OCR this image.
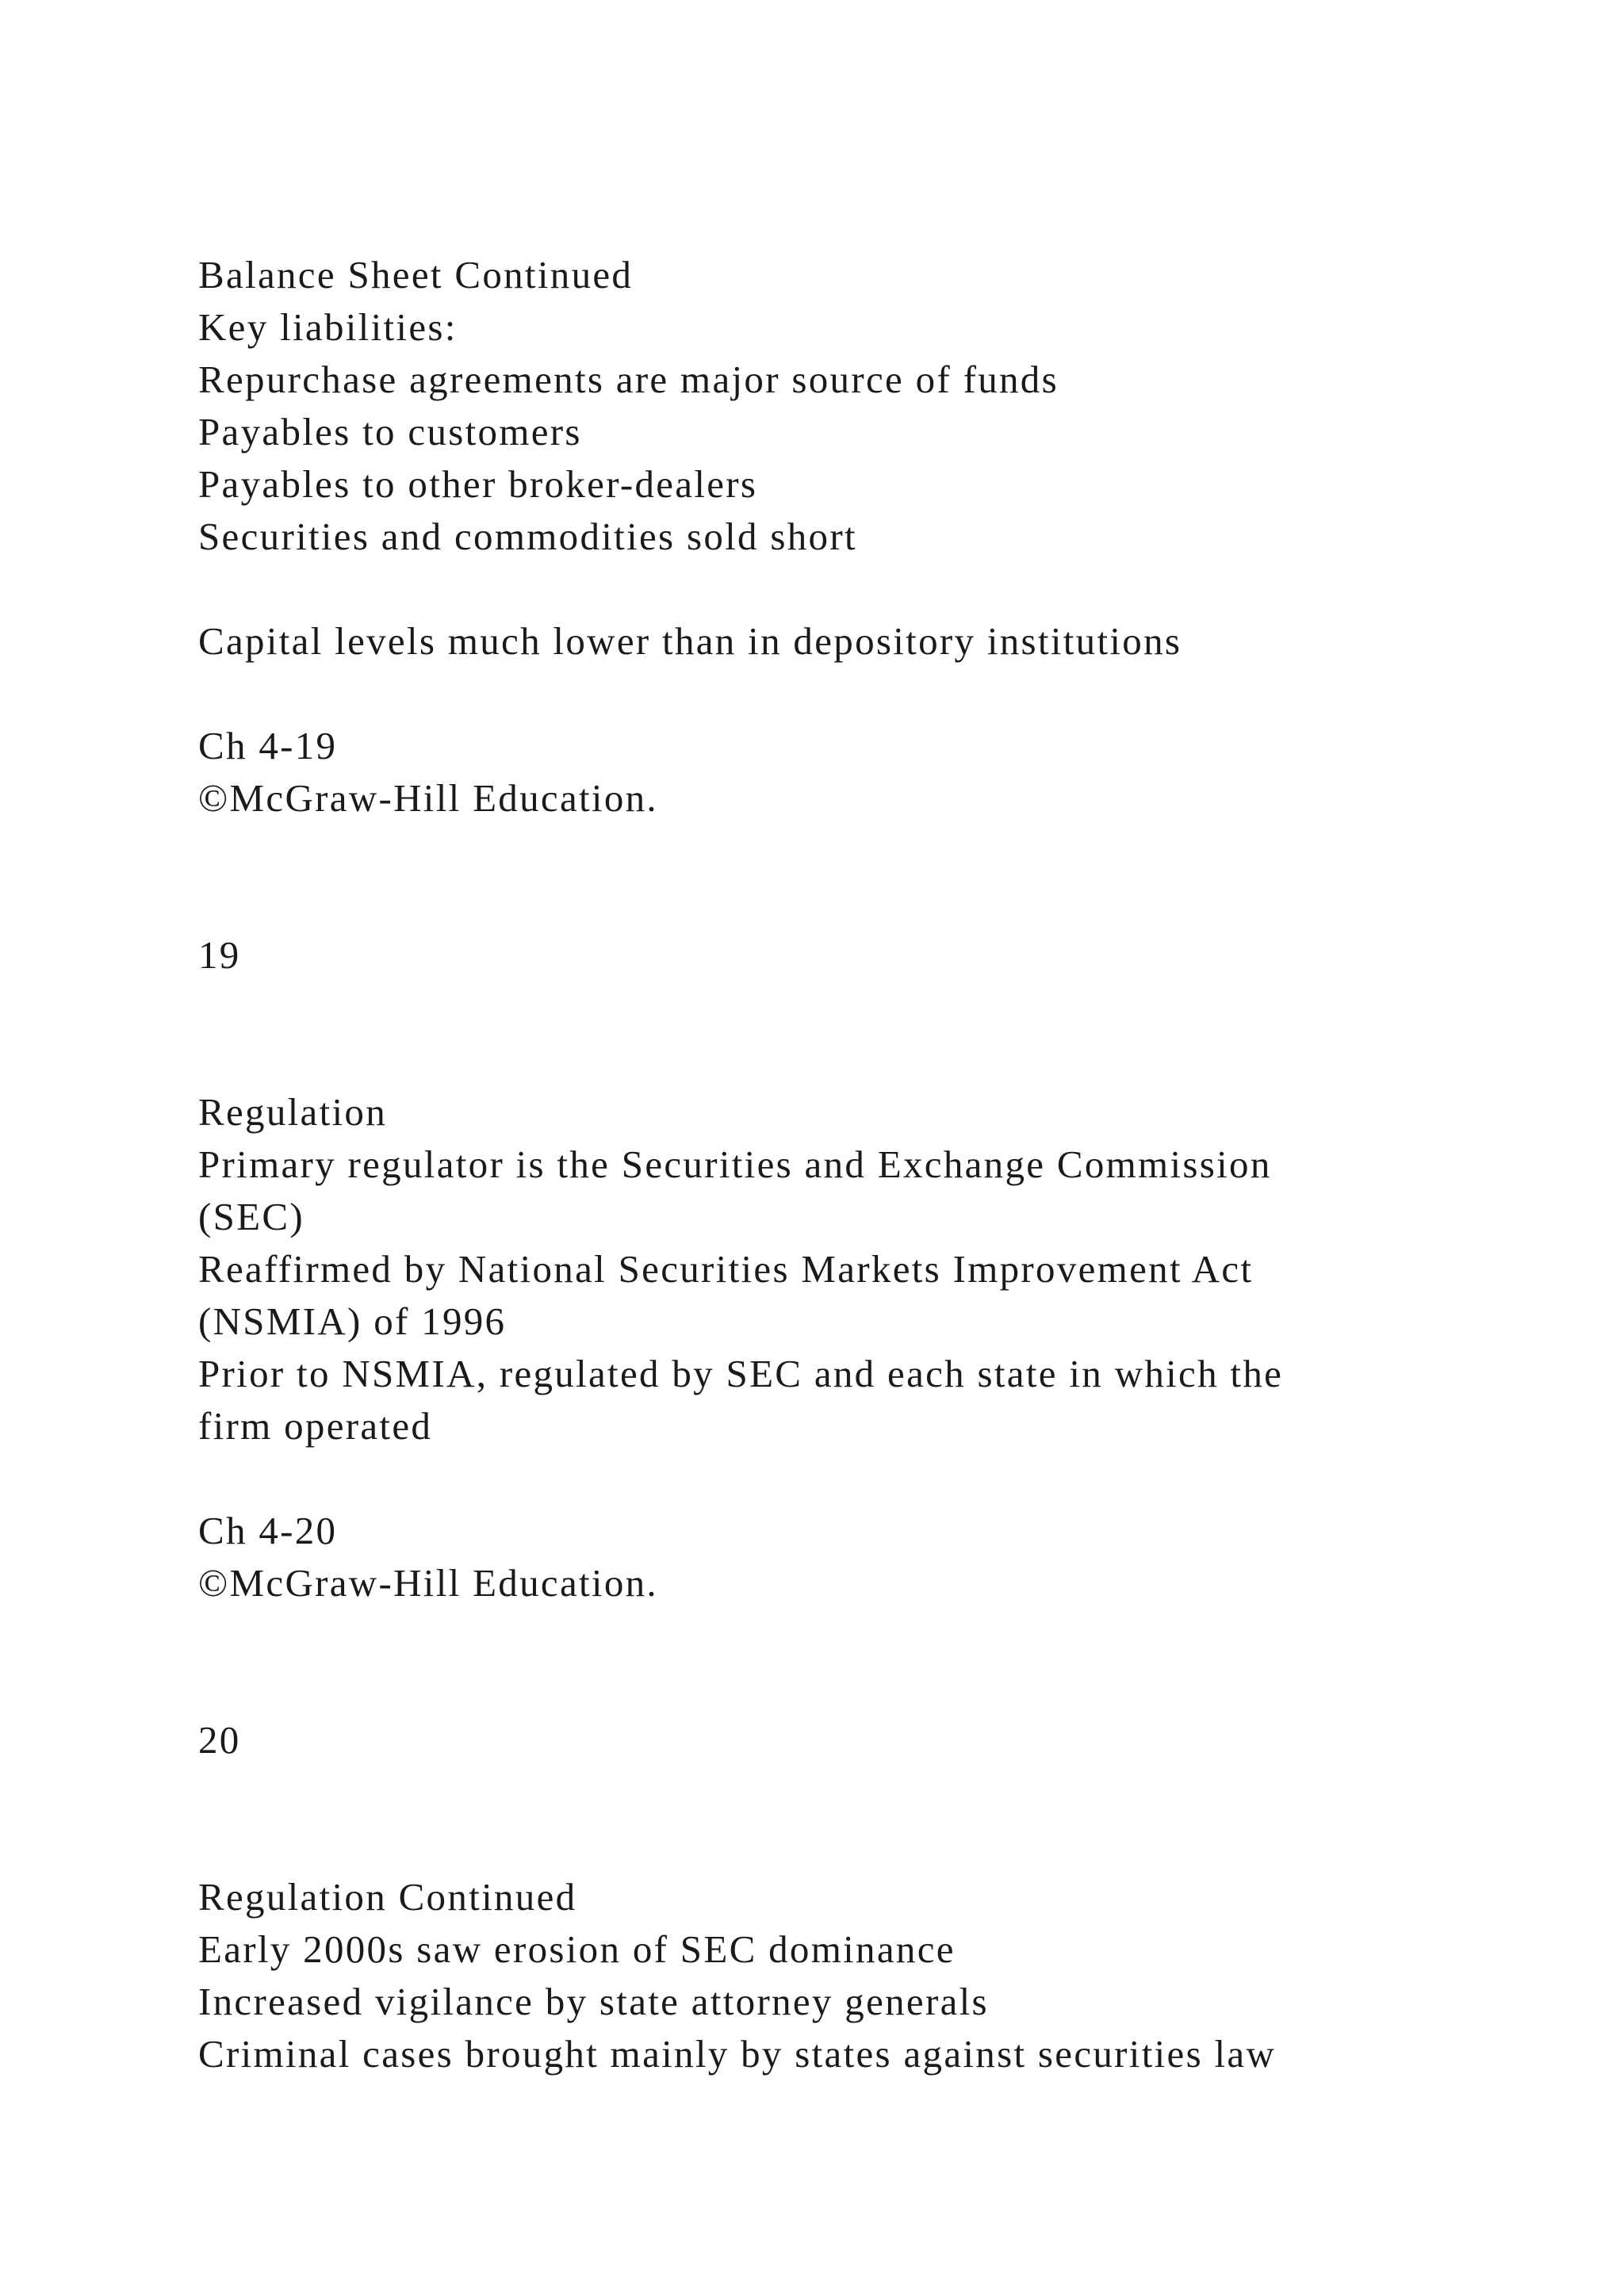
Balance Sheet Continued

Key liabilities:

Repurchase agreements are major source of funds

Payables to customers

Payables to other broker-dealers

Securities and commodities sold short

Capital levels much lower than in depository institutions

Ch 4-19

©McGraw-Hill Education.

19

Regulation

Primary regulator is the Securities and Exchange Commission

(SEC)

Reaffirmed by National Securities Markets Improvement Act

(NSMIA) of 1996

Prior to NSMIA, regulated by SEC and each state in which the

firm operated

Ch 4-20

©McGraw-Hill Education.

20

Regulation Continued

Early 2000s saw erosion of SEC dominance

Increased vigilance by state attorney generals

Criminal cases brought mainly by states against securities law
